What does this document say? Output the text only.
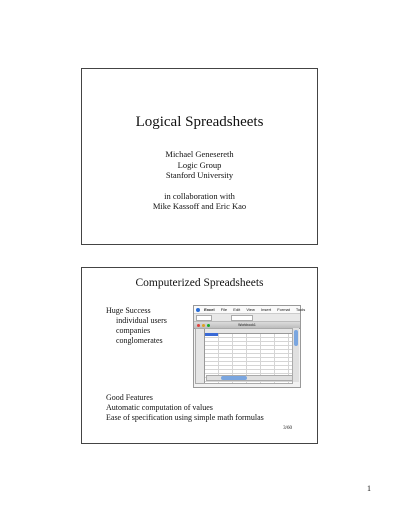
Logical Spreadsheets
Michael Genesereth
Logic Group
Stanford University
in collaboration with
Mike Kassoff and Eric Kao
Computerized Spreadsheets
Huge Success
individual users
companies
conglomerates
Excel File Edit View Insert Format Tools
Workbook1
Good Features
Automatic computation of values
Ease of specification using simple math formulas
3/60
1
